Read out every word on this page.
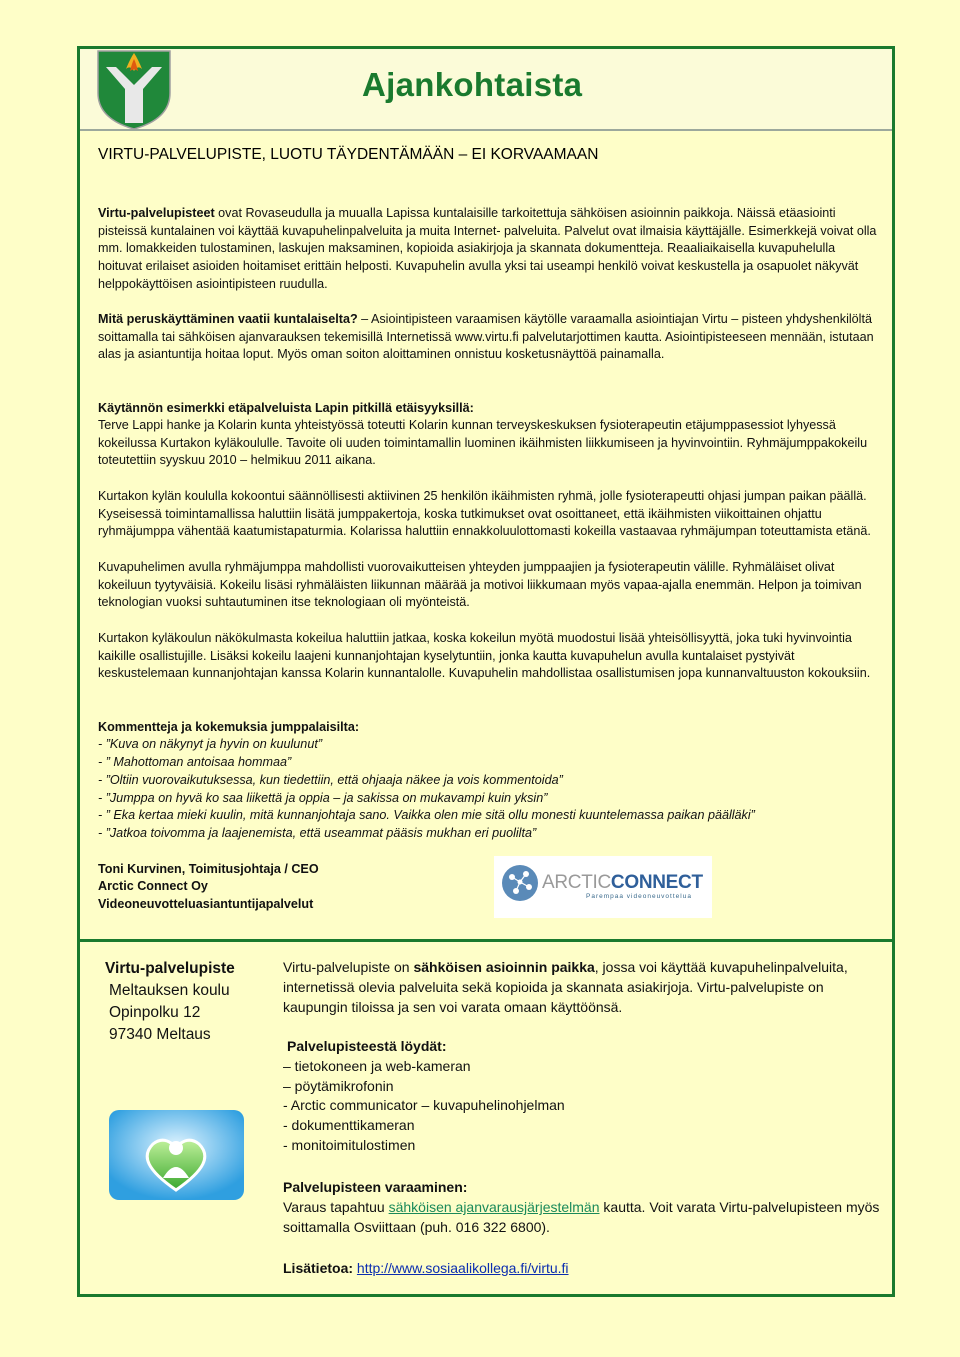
Ajankohtaista
VIRTU-PALVELUPISTE, LUOTU TÄYDENTÄMÄÄN – EI KORVAAMAAN

Virtu-palvelupisteet ovat Rovaseudulla ja muualla Lapissa kuntalaisille tarkoitettuja sähköisen asioinnin paikkoja. Näissä etäasiointi pisteissä kuntalainen voi käyttää kuvapuhelinpalveluita ja muita Internet- palveluita. Palvelut ovat ilmaisia käyttäjälle. Esimerkkejä voivat olla mm. lomakkeiden tulostaminen, laskujen maksaminen, kopioida asiakirjoja ja skannata dokumentteja. Reaaliaikaisella kuvapuhelulla hoituvat erilaiset asioiden hoitamiset erittäin helposti. Kuvapuhelin avulla yksi tai useampi henkilö voivat keskustella ja osapuolet näkyvät helppokäyttöisen asiointipisteen ruudulla.

Mitä peruskäyttäminen vaatii kuntalaiselta? – Asiointipisteen varaamisen käytölle varaamalla asiointiajan Virtu – pisteen yhdyshenkilöltä soittamalla tai sähköisen ajanvarauksen tekemisillä Internetissä www.virtu.fi palvelutarjottimen kautta. Asiointipisteeseen mennään, istutaan alas ja asiantuntija hoitaa loput. Myös oman soiton aloittaminen onnistuu kosketusnäyttöä painamalla.

Käytännön esimerkki etäpalveluista Lapin pitkillä etäisyyksillä:

Terve Lappi hanke ja Kolarin kunta yhteistyössä toteutti Kolarin kunnan terveyskeskuksen fysioterapeutin etäjumppasessiot lyhyessä kokeilussa Kurtakon kyläkoululle. Tavoite oli uuden toimintamallin luominen ikäihmisten liikkumiseen ja hyvinvointiin. Ryhmäjumppakokeilu toteutettiin syyskuu 2010 – helmikuu 2011 aikana.

Kurtakon kylän koululla kokoontui säännöllisesti aktiivinen 25 henkilön ikäihmisten ryhmä, jolle fysioterapeutti ohjasi jumpan paikan päällä. Kyseisessä toimintamallissa haluttiin lisätä jumppakertoja, koska tutkimukset ovat osoittaneet, että ikäihmisten viikoittainen ohjattu ryhmäjumppa vähentää kaatumistapaturmia. Kolarissa haluttiin ennakkoluulottomasti kokeilla vastaavaa ryhmäjumpan toteuttamista etänä.

Kuvapuhelimen avulla ryhmäjumppa mahdollisti vuorovaikutteisen yhteyden jumppaajien ja fysioterapeutin välille. Ryhmäläiset olivat kokeiluun tyytyväisiä. Kokeilu lisäsi ryhmäläisten liikunnan määrää ja motivoi liikkumaan myös vapaa-ajalla enemmän. Helpon ja toimivan teknologian vuoksi suhtautuminen itse teknologiaan oli myönteistä.

Kurtakon kyläkoulun näkökulmasta kokeilua haluttiin jatkaa, koska kokeilun myötä muodostui lisää yhteisöllisyyttä, joka tuki hyvinvointia kaikille osallistujille. Lisäksi kokeilu laajeni kunnanjohtajan kyselytuntiin, jonka kautta kuvapuhelun avulla kuntalaiset pystyivät keskustelemaan kunnanjohtajan kanssa Kolarin kunnantalolle. Kuvapuhelin mahdollistaa osallistumisen jopa kunnanvaltuuston kokouksiin.

Kommentteja ja kokemuksia jumppalaisilta:

- ”Kuva on näkynyt ja hyvin on kuulunut”

- ” Mahottoman antoisaa hommaa”

- ”Oltiin vuorovaikutuksessa, kun tiedettiin, että ohjaaja näkee ja vois kommentoida”

- ”Jumppa on hyvä ko saa liikettä ja oppia – ja sakissa on mukavampi kuin yksin”

- ” Eka kertaa mieki kuulin, mitä kunnanjohtaja sano. Vaikka olen mie sitä ollu monesti kuuntelemassa paikan päälläki”

- ”Jatkoa toivomma ja laajenemista, että useammat pääsis mukhan eri puolilta”

Toni Kurvinen, Toimitusjohtaja / CEO

Arctic Connect Oy

Videoneuvotteluasiantuntijapalvelut

ARCTICCONNECT
Parempaa videoneuvottelua
Virtu-palvelupiste
Meltauksen koulu
Opinpolku 12
97340 Meltaus

Virtu-palvelupiste on sähköisen asioinnin paikka, jossa voi käyttää kuvapuhelinpalveluita, internetissä olevia palveluita sekä kopioida ja skannata asiakirjoja. Virtu-palvelupiste on kaupungin tiloissa ja sen voi varata omaan käyttöönsä.

Palvelupisteestä löydät:

– tietokoneen ja web-kameran

– pöytämikrofonin

- Arctic communicator – kuvapuhelinohjelman

- dokumenttikameran

- monitoimitulostimen

Palvelupisteen varaaminen:

Varaus tapahtuu sähköisen ajanvarausjärjestelmän kautta. Voit varata Virtu-palvelupisteen myös soittamalla Osviittaan (puh. 016 322 6800).

Lisätietoa: http://www.sosiaalikollega.fi/virtu.fi
